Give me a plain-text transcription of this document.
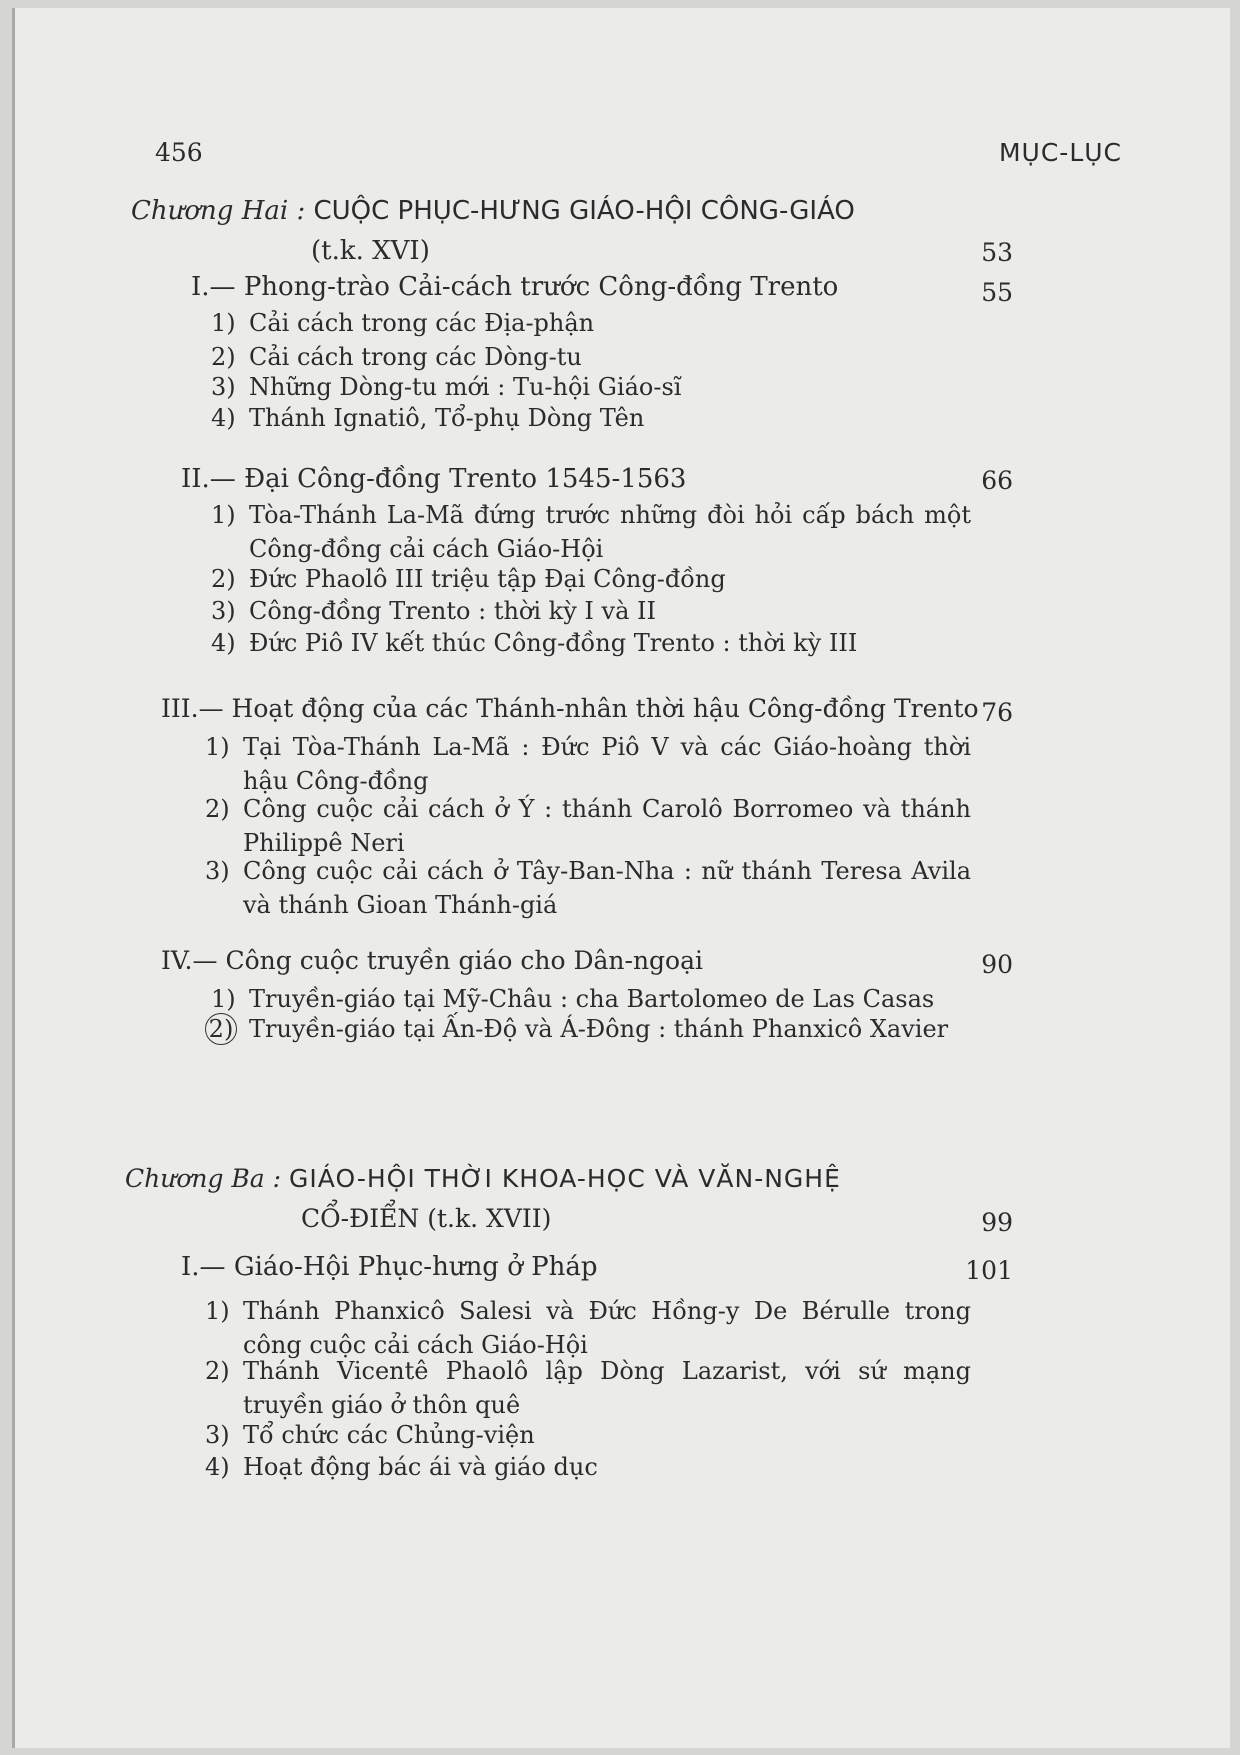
456	MỤC-LỤC
Chương Hai : CUỘC PHỤC-HƯNG GIÁO-HỘI CÔNG-GIÁO
(t.k. XVI)	53
I.— Phong-trào Cải-cách trước Công-đồng Trento	55
1) Cải cách trong các Địa-phận
2) Cải cách trong các Dòng-tu
3) Những Dòng-tu mới : Tu-hội Giáo-sĩ
4) Thánh Ignatiô, Tổ-phụ Dòng Tên
II.— Đại Công-đồng Trento 1545-1563	66
1) Tòa-Thánh La-Mã đứng trước những đòi hỏi cấp bách một Công-đồng cải cách Giáo-Hội
2) Đức Phaolô III triệu tập Đại Công-đồng
3) Công-đồng Trento : thời kỳ I và II
4) Đức Piô IV kết thúc Công-đồng Trento : thời kỳ III
III.— Hoạt động của các Thánh-nhân thời hậu Công-đồng Trento 76
1) Tại Tòa-Thánh La-Mã : Đức Piô V và các Giáo-hoàng thời hậu Công-đồng
2) Công cuộc cải cách ở Ý : thánh Carolô Borromeo và thánh Philippê Neri
3) Công cuộc cải cách ở Tây-Ban-Nha : nữ thánh Teresa Avila và thánh Gioan Thánh-giá
IV.— Công cuộc truyền giáo cho Dân-ngoại	90
1) Truyền-giáo tại Mỹ-Châu : cha Bartolomeo de Las Casas
2) Truyền-giáo tại Ấn-Độ và Á-Đông : thánh Phanxicô Xavier
Chương Ba : GIÁO-HỘI THỜI KHOA-HỌC VÀ VĂN-NGHỆ
CỔ-ĐIỂN (t.k. XVII)	99
I.— Giáo-Hội Phục-hưng ở Pháp	101
1) Thánh Phanxicô Salesi và Đức Hồng-y De Bérulle trong công cuộc cải cách Giáo-Hội
2) Thánh Vicentê Phaolô lập Dòng Lazarist, với sứ mạng truyền giáo ở thôn quê
3) Tổ chức các Chủng-viện
4) Hoạt động bác ái và giáo dục
